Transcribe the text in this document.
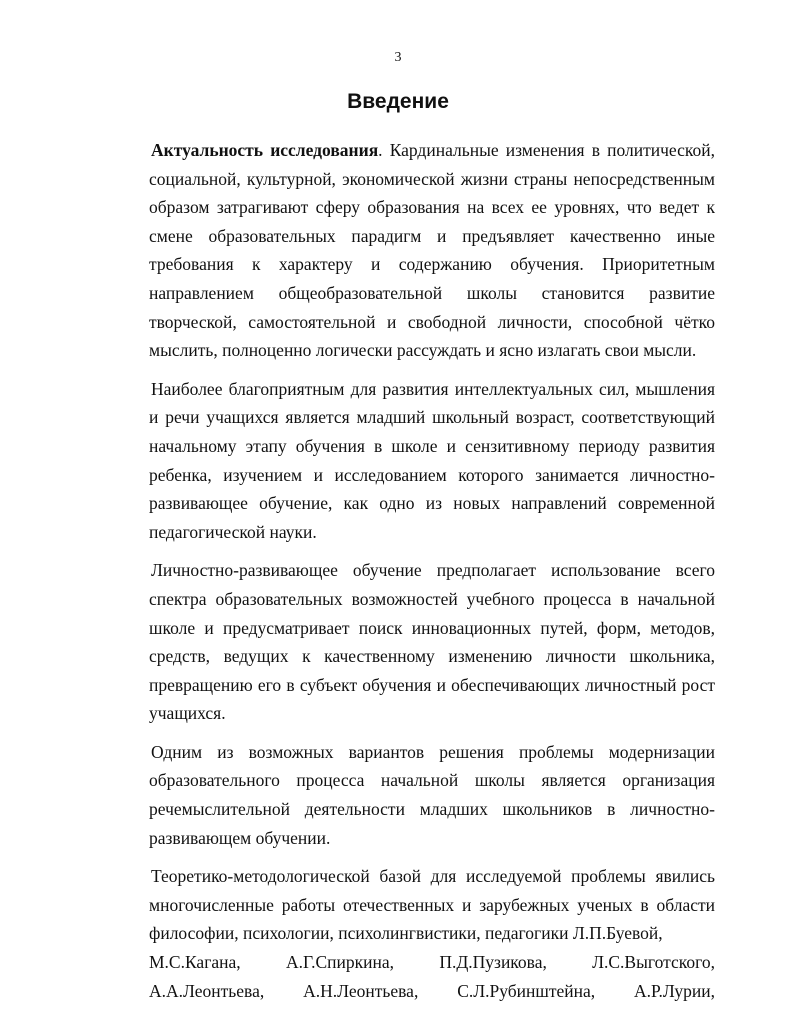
3
Введение

Актуальность исследования. Кардинальные изменения в политической, социальной, культурной, экономической жизни страны непосредственным образом затрагивают сферу образования на всех ее уровнях, что ведет к смене образовательных парадигм и предъявляет качественно иные требования к характеру и содержанию обучения. Приоритетным направлением общеобразовательной школы становится развитие творческой, самостоятельной и свободной личности, способной чётко мыслить, полноценно логически рассуждать и ясно излагать свои мысли.

Наиболее благоприятным для развития интеллектуальных сил, мышления и речи учащихся является младший школьный возраст, соответствующий начальному этапу обучения в школе и сензитивному периоду развития ребенка, изучением и исследованием которого занимается личностно-развивающее обучение, как одно из новых направлений современной педагогической науки.

Личностно-развивающее обучение предполагает использование всего спектра образовательных возможностей учебного процесса в начальной школе и предусматривает поиск инновационных путей, форм, методов, средств, ведущих к качественному изменению личности школьника, превращению его в субъект обучения и обеспечивающих личностный рост учащихся.

Одним из возможных вариантов решения проблемы модернизации образовательного процесса начальной школы является организация речемыслительной деятельности младших школьников в личностно-развивающем обучении.

Теоретико-методологической базой для исследуемой проблемы явились многочисленные работы отечественных и зарубежных ученых в области философии, психологии, психолингвистики, педагогики Л.П.Буевой,

М.С.Кагана,	А.Г.Спиркина,	П.Д.Пузикова,	Л.С.Выготского,
А.А.Леонтьева, А.Н.Леонтьева, С.Л.Рубинштейна, А.Р.Лурии,
